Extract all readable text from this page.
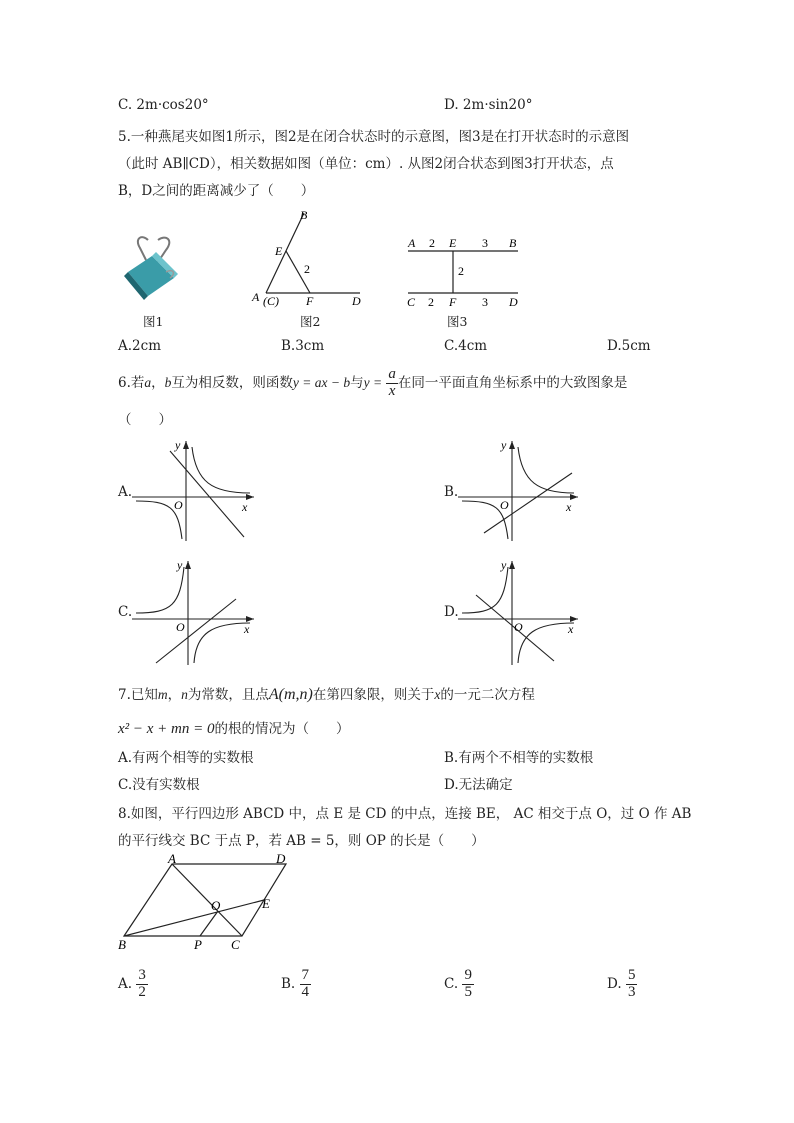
C. 2m·cos20°	D. 2m·sin20°
5.一种燕尾夹如图1所示，图2是在闭合状态时的示意图，图3是在打开状态时的示意图
（此时 AB∥CD），相关数据如图（单位：cm）. 从图2闭合状态到图3打开状态，点
B，D之间的距离减少了（　　）
图1
B
E
2
A (C) F	D
图2
A 2 E 3 B
2
C 2 F 3 D
图3
A.2cm	B.3cm	C.4cm	D.5cm
6.若a，b互为相反数，则函数y = ax − b与$y = \frac{a}{x}$ 在同一平面直角坐标系中的大致图象是
（　　）
A.
y
x
O
B.
y
x
O
C.
y
x
O
D.
y
x
O
7.已知m，n为常数，且点A(m,n)在第四象限，则关于x的一元二次方程
x² − x + mn = 0的根的情况为（　　）
A.有两个相等的实数根	B.有两个不相等的实数根
C.没有实数根	D.无法确定
8.如图，平行四边形 ABCD 中，点 E 是 CD 的中点，连接 BE， AC 相交于点 O，过 O 作 AB
的平行线交 BC 于点 P，若 AB = 5，则 OP 的长是（　　）
A	D
E
O
B	P C
A. $\frac{3}{2}$	B. $\frac{7}{4}$	C. $\frac{9}{5}$	D. $\frac{5}{3}$
